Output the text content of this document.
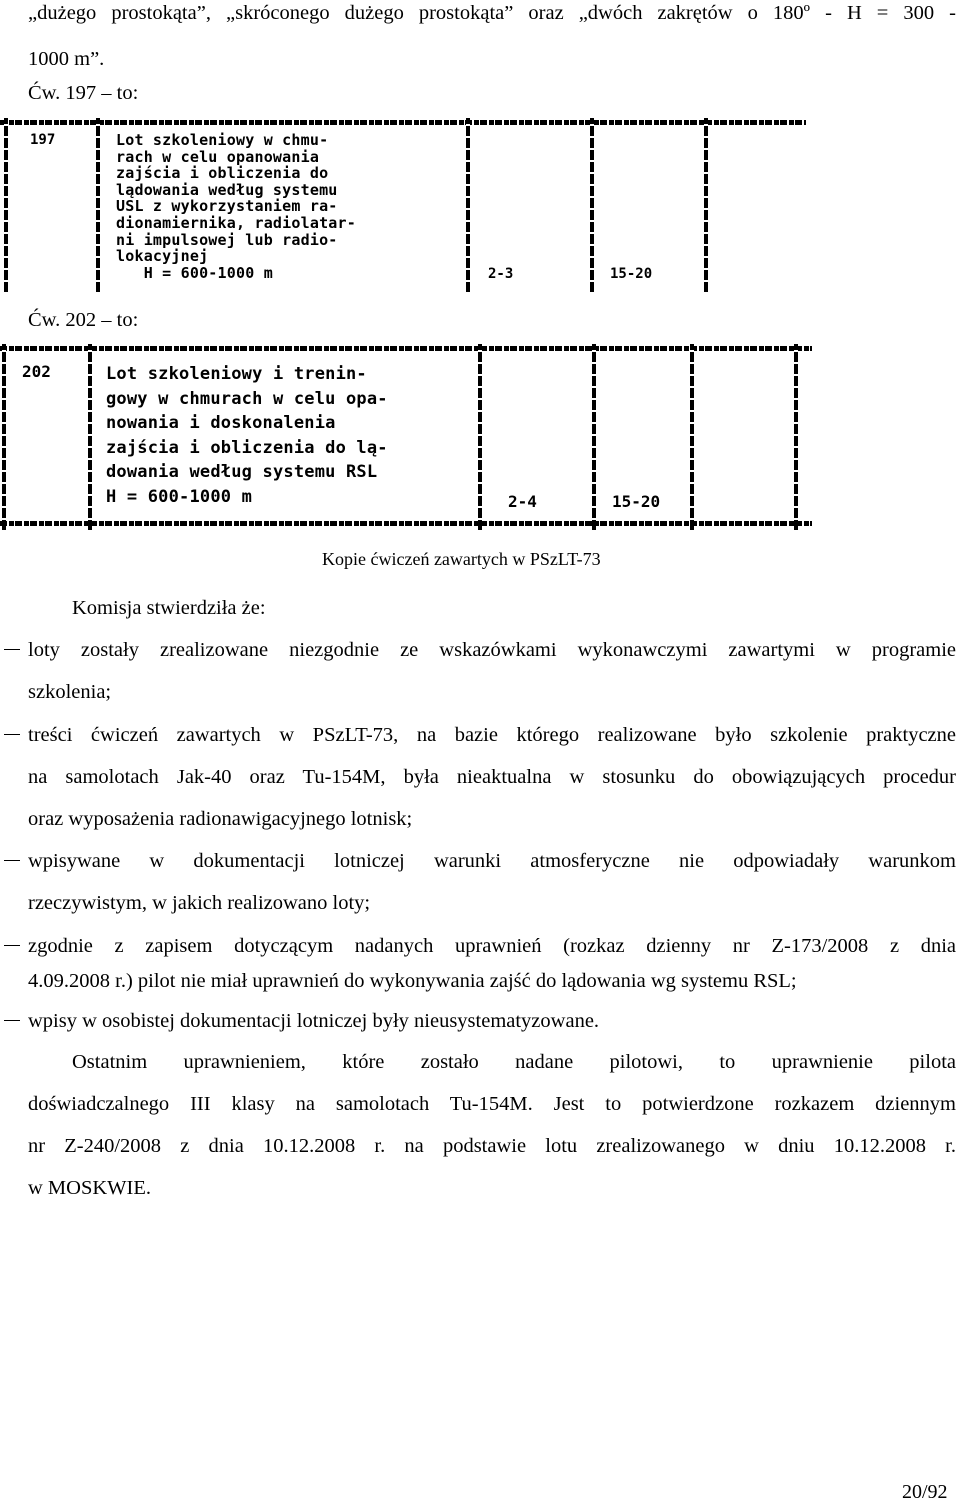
„dużego prostokąta”, „skróconego dużego prostokąta” oraz „dwóch zakrętów o 180º - H = 300 -
1000 m”.
Ćw. 197 – to:
197	Lot szkoleniowy w chmu-
rach w celu opanowania
zajścia i obliczenia do
lądowania według systemu
USL z wykorzystaniem ra-
dionamiernika, radiolatar-
ni impulsowej lub radio-
lokacyjnej
H = 600-1000 m	2-3	15-20
Ćw. 202 – to:
202	Lot szkoleniowy i trenin-
gowy w chmurach w celu opa-
nowania i doskonalenia
zajścia i obliczenia do lą-
dowania według systemu RSL
H = 600-1000 m	2-4	15-20
Kopie ćwiczeń zawartych w PSzLT-73
Komisja stwierdziła że:
loty zostały zrealizowane niezgodnie ze wskazówkami wykonawczymi zawartymi w programie
szkolenia;
treści ćwiczeń zawartych w PSzLT-73, na bazie którego realizowane było szkolenie praktyczne
na samolotach Jak-40 oraz Tu-154M, była nieaktualna w stosunku do obowiązujących procedur
oraz wyposażenia radionawigacyjnego lotnisk;
wpisywane w dokumentacji lotniczej warunki atmosferyczne nie odpowiadały warunkom
rzeczywistym, w jakich realizowano loty;
zgodnie z zapisem dotyczącym nadanych uprawnień (rozkaz dzienny nr Z-173/2008 z dnia
4.09.2008 r.) pilot nie miał uprawnień do wykonywania zajść do lądowania wg systemu RSL;
wpisy w osobistej dokumentacji lotniczej były nieusystematyzowane.
Ostatnim uprawnieniem, które zostało nadane pilotowi, to uprawnienie pilota
doświadczalnego III klasy na samolotach Tu-154M. Jest to potwierdzone rozkazem dziennym
nr Z-240/2008 z dnia 10.12.2008 r. na podstawie lotu zrealizowanego w dniu 10.12.2008 r.
w MOSKWIE.
20/92
